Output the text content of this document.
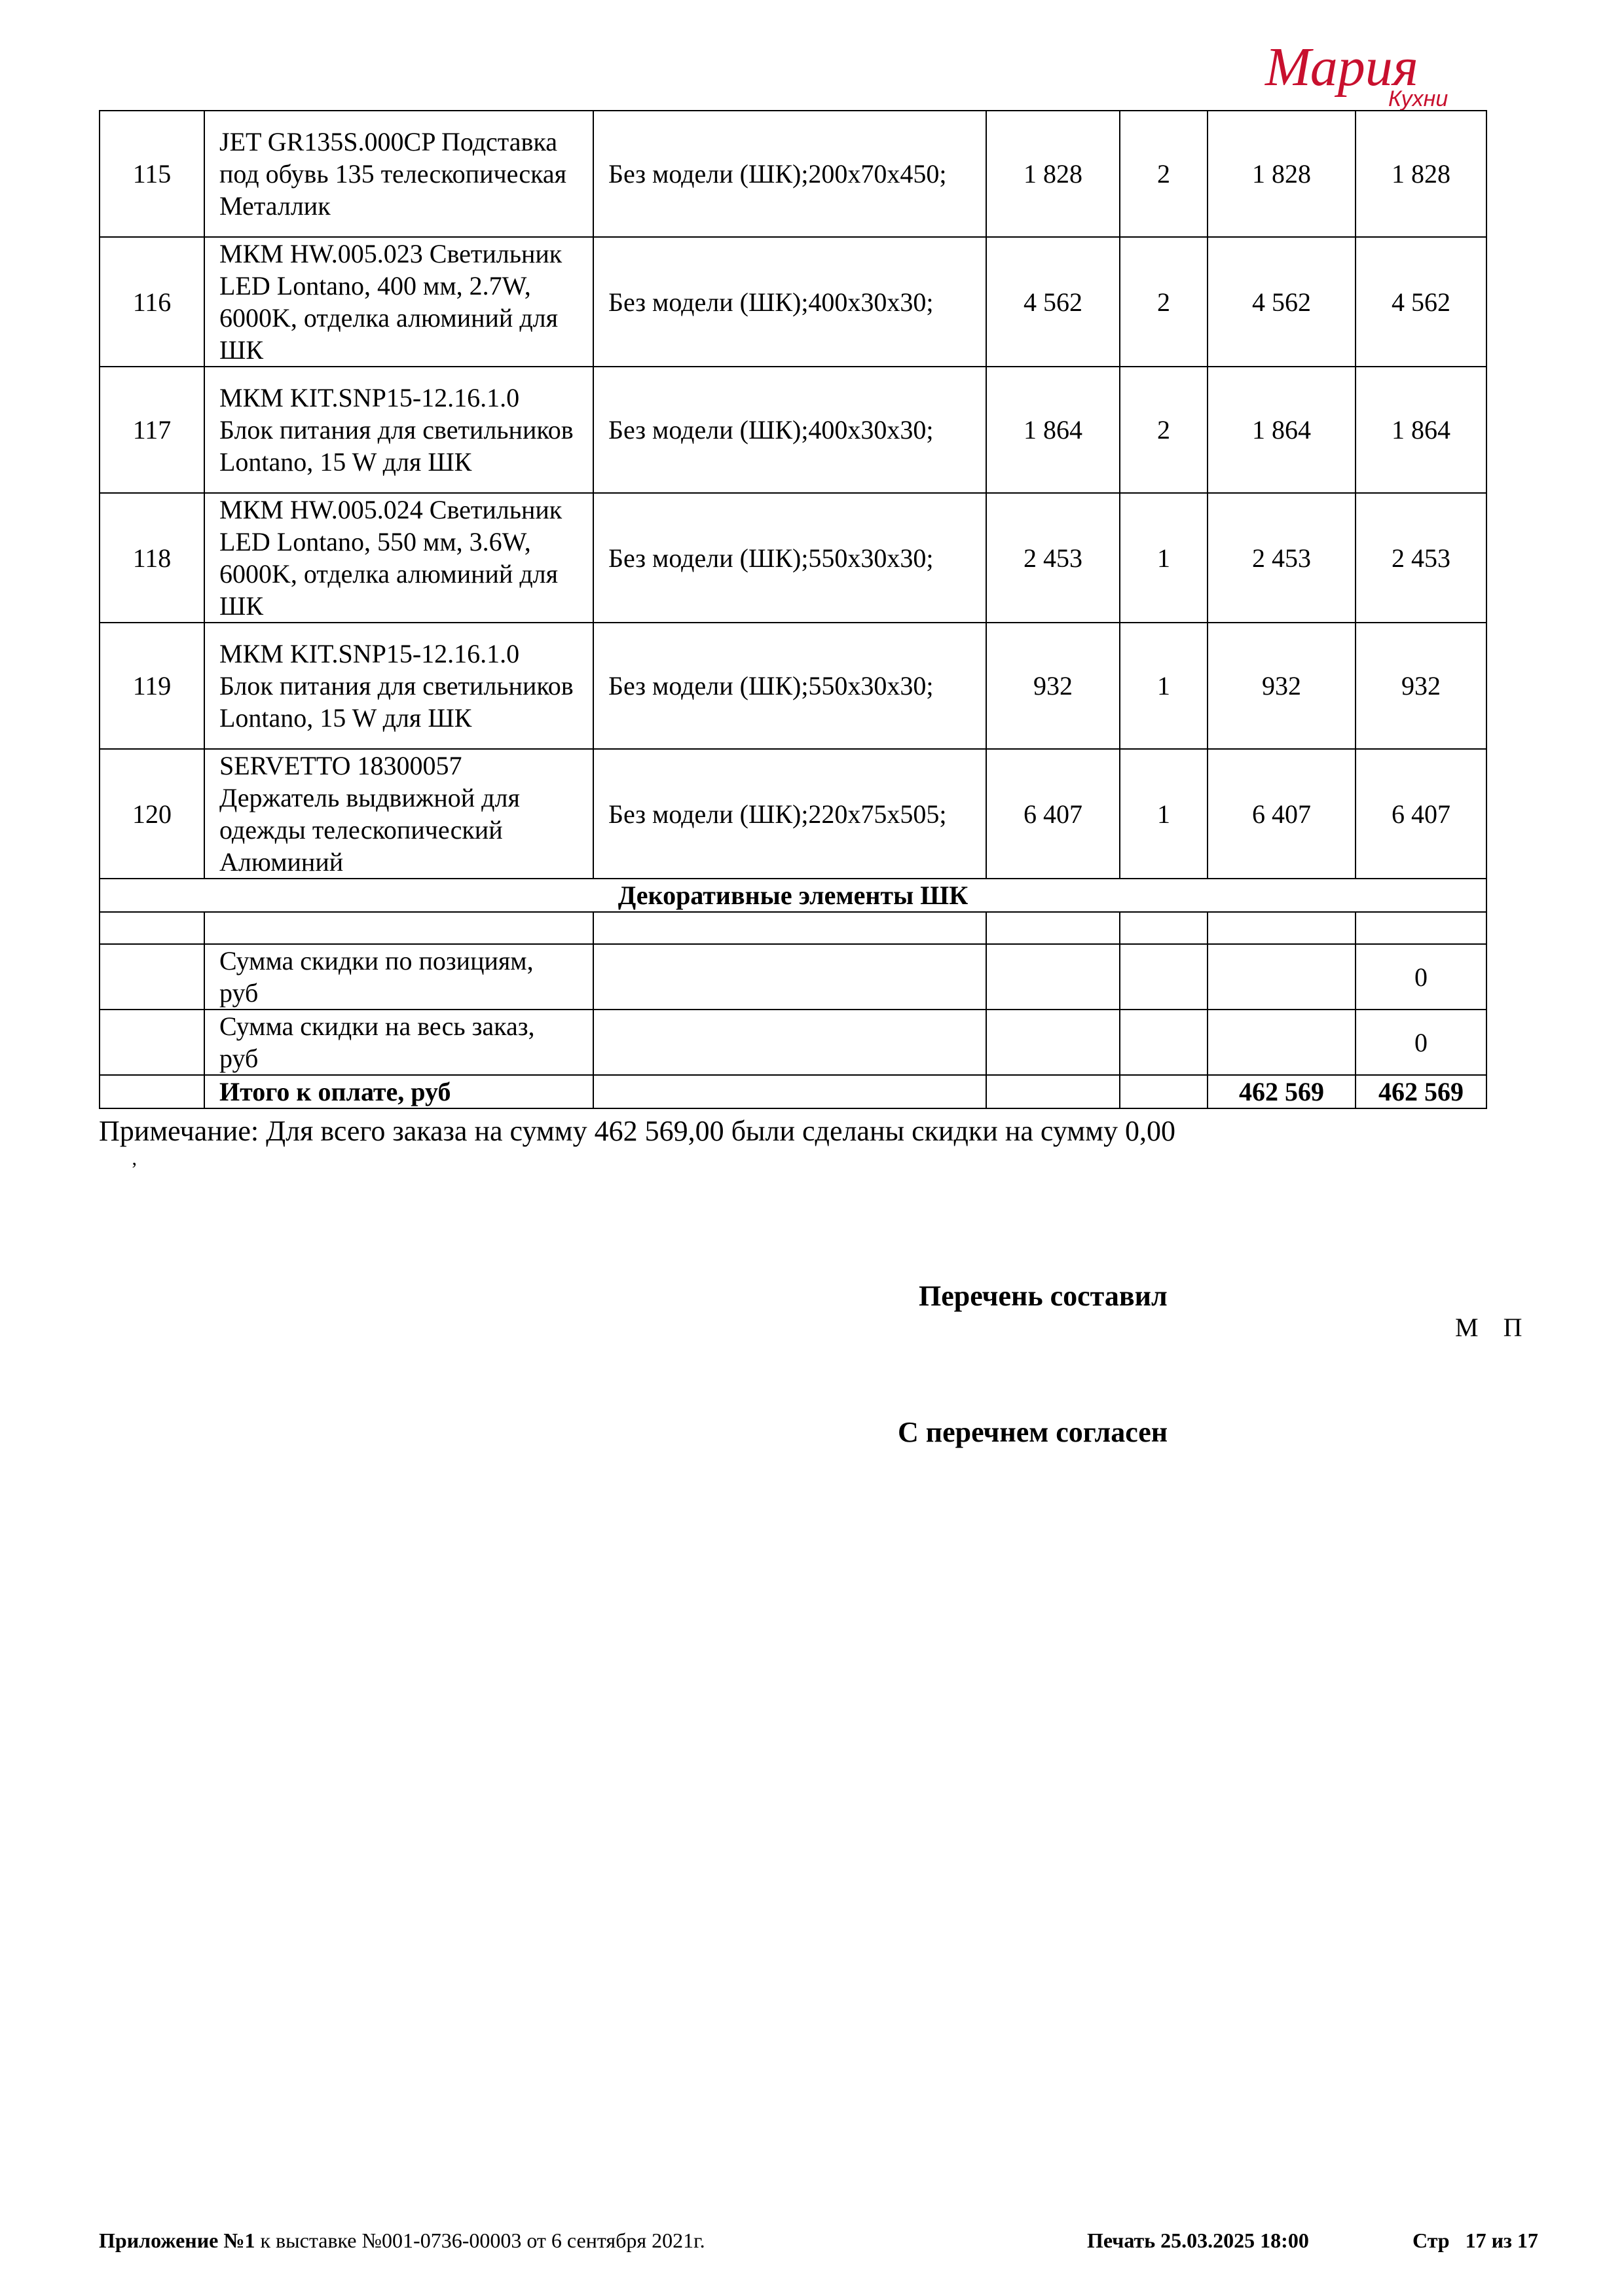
Мария
Кухни
115	JET GR135S.000CP Подставка под обувь 135 телескопическая Металлик	Без модели (ШК);200x70x450;	1 828	2	1 828	1 828
116	МКМ HW.005.023 Светильник LED Lontano, 400 мм, 2.7W, 6000K, отделка алюминий для ШК	Без модели (ШК);400x30x30;	4 562	2	4 562	4 562
117	МКМ KIT.SNP15-12.16.1.0 Блок питания для светильников Lontano, 15 W для ШК	Без модели (ШК);400x30x30;	1 864	2	1 864	1 864
118	МКМ HW.005.024 Светильник LED Lontano, 550 мм, 3.6W, 6000K, отделка алюминий для ШК	Без модели (ШК);550x30x30;	2 453	1	2 453	2 453
119	МКМ KIT.SNP15-12.16.1.0 Блок питания для светильников Lontano, 15 W для ШК	Без модели (ШК);550x30x30;	932	1	932	932
120	SERVETTO 18300057 Держатель выдвижной для одежды телескопический Алюминий	Без модели (ШК);220x75x505;	6 407	1	6 407	6 407
Декоративные элементы ШК						

	Сумма скидки по позициям, руб					0
	Сумма скидки на весь заказ, руб					0
	Итого к оплате, руб				462 569	462 569
Примечание: Для всего заказа на сумму 462 569,00 были сделаны скидки на сумму 0,00
ʼ
Перечень составил
М П
С перечнем согласен
Приложение №1 к выставке №001-0736-00003 от 6 сентября 2021г.	Печать 25.03.2025 18:00	Стр   17 из 17
